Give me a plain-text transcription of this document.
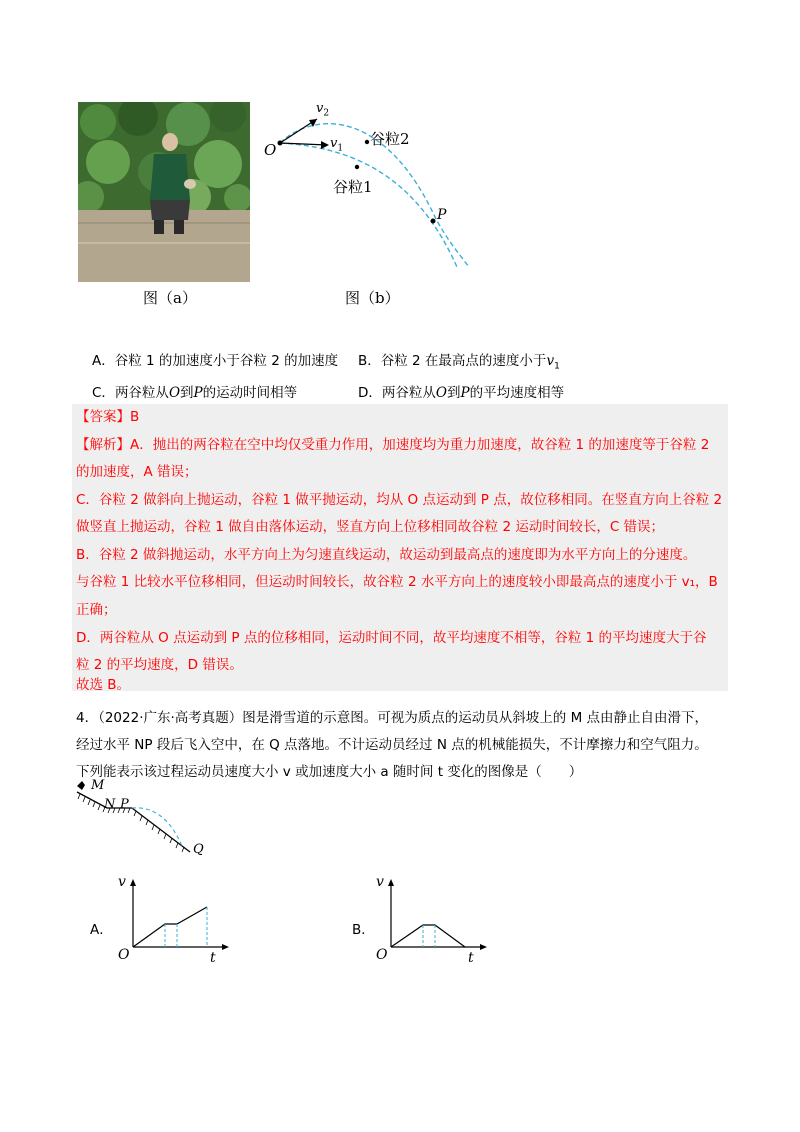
图（a）
O
$v_2$
$v_1$
谷粒2
谷粒1
P
图（b）
A．谷粒 1 的加速度小于谷粒 2 的加速度 B．谷粒 2 在最高点的速度小于$v_1$
C．两谷粒从O到P的运动时间相等	D．两谷粒从O到P的平均速度相等
【答案】B
【解析】A．抛出的两谷粒在空中均仅受重力作用，加速度均为重力加速度，故谷粒 1 的加速度等于谷粒 2
的加速度，A 错误；
C．谷粒 2 做斜向上抛运动，谷粒 1 做平抛运动，均从 O 点运动到 P 点，故位移相同。在竖直方向上谷粒 2
做竖直上抛运动，谷粒 1 做自由落体运动，竖直方向上位移相同故谷粒 2 运动时间较长，C 错误；
B．谷粒 2 做斜抛运动，水平方向上为匀速直线运动，故运动到最高点的速度即为水平方向上的分速度。
与谷粒 1 比较水平位移相同，但运动时间较长，故谷粒 2 水平方向上的速度较小即最高点的速度小于 v₁，B
正确；
D．两谷粒从 O 点运动到 P 点的位移相同，运动时间不同，故平均速度不相等，谷粒 1 的平均速度大于谷
粒 2 的平均速度，D 错误。
故选 B。
4．（2022·广东·高考真题）图是滑雪道的示意图。可视为质点的运动员从斜坡上的 M 点由静止自由滑下，
经过水平 NP 段后飞入空中，在 Q 点落地。不计运动员经过 N 点的机械能损失，不计摩擦力和空气阻力。
下列能表示该过程运动员速度大小 v 或加速度大小 a 随时间 t 变化的图像是（　　）
M
N P
Q
A．
v
O	t
B．
v
O	t
